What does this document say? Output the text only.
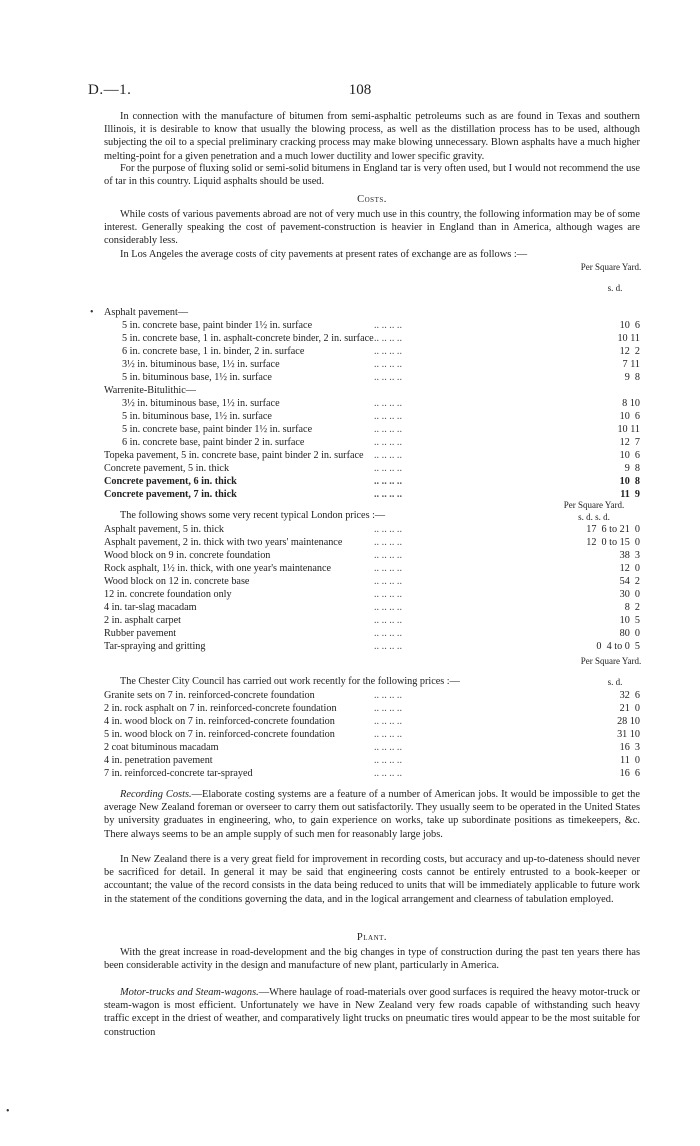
D.—1.	108

In connection with the manufacture of bitumen from semi-asphaltic petroleums such as are found in Texas and southern Illinois, it is desirable to know that usually the blowing process, as well as the distillation process has to be used, although subjecting the oil to a special preliminary cracking process may make blowing unnecessary. Blown asphalts have a much higher melting-point for a given penetration and a much lower ductility and lower specific gravity.

For the purpose of fluxing solid or semi-solid bitumens in England tar is very often used, but I would not recommend the use of tar in this country. Liquid asphalts should be used.

Costs.

While costs of various pavements abroad are not of very much use in this country, the following information may be of some interest. Generally speaking the cost of pavement-construction is heavier in England than in America, although wages are considerably less.

In Los Angeles the average costs of city pavements at present rates of exchange are as follows :—

Per Square Yard.
s. d.
• Asphalt pavement—
5 in. concrete base, paint binder 1½ in. surface	.. .. .. ..	10  6
5 in. concrete base, 1 in. asphalt-concrete binder, 2 in. surface .. .. .. ..	10 11
6 in. concrete base, 1 in. binder, 2 in. surface	.. .. .. ..	12  2
3½ in. bituminous base, 1½ in. surface	.. .. .. ..	7 11
5 in. bituminous base, 1½ in. surface	.. .. .. ..	9  8
Warrenite-Bitulithic—
3½ in. bituminous base, 1½ in. surface	.. .. .. ..	8 10
5 in. bituminous base, 1½ in. surface	.. .. .. ..	10  6
5 in. concrete base, paint binder 1½ in. surface	.. .. .. ..	10 11
6 in. concrete base, paint binder 2 in. surface	.. .. .. ..	12  7
Topeka pavement, 5 in. concrete base, paint binder 2 in. surface .. .. .. ..	10  6
Concrete pavement, 5 in. thick	.. .. .. ..	9  8
Concrete pavement, 6 in. thick	.. .. .. ..	10  8
Concrete pavement, 7 in. thick	.. .. .. ..	11  9
Per Square Yard.
s. d. s. d.
The following shows some very recent typical London prices :—
Asphalt pavement, 5 in. thick	.. .. .. ..	17  6 to 21  0
Asphalt pavement, 2 in. thick with two years' maintenance	.. .. .. ..	12  0 to 15  0
Wood block on 9 in. concrete foundation	.. .. .. ..	38  3
Rock asphalt, 1½ in. thick, with one year's maintenance	.. .. .. ..	12  0
Wood block on 12 in. concrete base	.. .. .. ..	54  2
12 in. concrete foundation only	.. .. .. ..	30  0
4 in. tar-slag macadam	.. .. .. ..	8  2
2 in. asphalt carpet	.. .. .. ..	10  5
Rubber pavement	.. .. .. ..	80  0
Tar-spraying and gritting	.. .. .. ..	0  4 to 0  5
Per Square Yard.
s. d.
The Chester City Council has carried out work recently for the following prices :—
Granite sets on 7 in. reinforced-concrete foundation	.. .. .. ..	32  6
2 in. rock asphalt on 7 in. reinforced-concrete foundation	.. .. .. ..	21  0
4 in. wood block on 7 in. reinforced-concrete foundation	.. .. .. ..	28 10
5 in. wood block on 7 in. reinforced-concrete foundation	.. .. .. ..	31 10
2 coat bituminous macadam	.. .. .. ..	16  3
4 in. penetration pavement	.. .. .. ..	11  0
7 in. reinforced-concrete tar-sprayed	.. .. .. ..	16  6

Recording Costs.—Elaborate costing systems are a feature of a number of American jobs. It would be impossible to get the average New Zealand foreman or overseer to carry them out satisfactorily. They usually seem to be operated in the United States by university graduates in engineering, who, to gain experience on works, take up subordinate positions as timekeepers, &c. There always seems to be an ample supply of such men for reasonably large jobs.

In New Zealand there is a very great field for improvement in recording costs, but accuracy and up-to-dateness should never be sacrificed for detail. In general it may be said that engineering costs cannot be entirely entrusted to a book-keeper or accountant; the value of the record consists in the data being reduced to units that will be immediately applicable to future work in the statement of the conditions governing the data, and in the logical arrangement and clearness of tabulation employed.

Plant.

With the great increase in road-development and the big changes in type of construction during the past ten years there has been considerable activity in the design and manufacture of new plant, particularly in America.

Motor-trucks and Steam-wagons.—Where haulage of road-materials over good surfaces is required the heavy motor-truck or steam-wagon is most efficient. Unfortunately we have in New Zealand very few roads capable of withstanding such heavy traffic except in the driest of weather, and comparatively light trucks on pneumatic tires would appear to be the most suitable for construction

•
